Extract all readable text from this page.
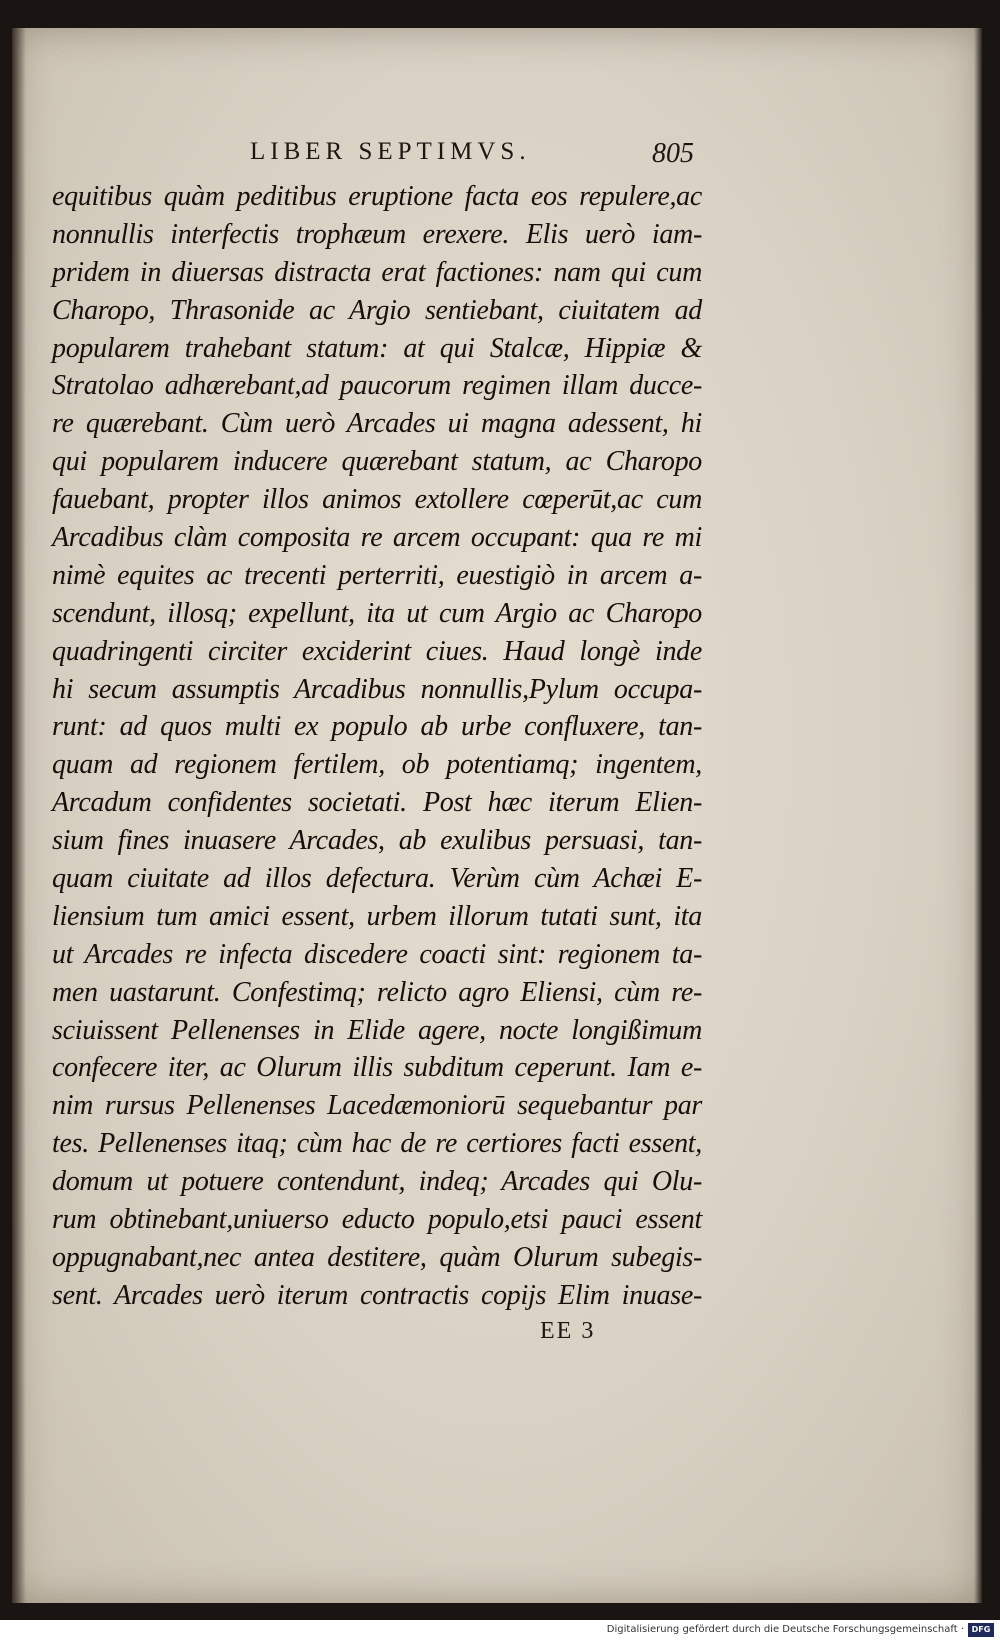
LIBER SEPTIMVS.	805
equitibus quàm peditibus eruptione facta eos repulere,ac
nonnullis interfectis trophæum erexere. Elis uerò iam-
pridem in diuersas distracta erat factiones: nam qui cum
Charopo, Thrasonide ac Argio sentiebant, ciuitatem ad
popularem trahebant statum: at qui Stalcæ, Hippiæ &
Stratolao adhærebant,ad paucorum regimen illam ducce-
re quærebant. Cùm uerò Arcades ui magna adessent, hi
qui popularem inducere quærebant statum, ac Charopo
fauebant, propter illos animos extollere cœperūt,ac cum
Arcadibus clàm composita re arcem occupant: qua re mi
nimè equites ac trecenti perterriti, euestigiò in arcem a-
scendunt, illosq; expellunt, ita ut cum Argio ac Charopo
quadringenti circiter exciderint ciues. Haud longè inde
hi secum assumptis Arcadibus nonnullis,Pylum occupa-
runt: ad quos multi ex populo ab urbe confluxere, tan-
quam ad regionem fertilem, ob potentiamq; ingentem,
Arcadum confidentes societati. Post hæc iterum Elien-
sium fines inuasere Arcades, ab exulibus persuasi, tan-
quam ciuitate ad illos defectura. Verùm cùm Achæi E-
liensium tum amici essent, urbem illorum tutati sunt, ita
ut Arcades re infecta discedere coacti sint: regionem ta-
men uastarunt. Confestimq; relicto agro Eliensi, cùm re-
sciuissent Pellenenses in Elide agere, nocte longißimum
confecere iter, ac Olurum illis subditum ceperunt. Iam e-
nim rursus Pellenenses Lacedæmoniorū sequebantur par
tes. Pellenenses itaq; cùm hac de re certiores facti essent,
domum ut potuere contendunt, indeq; Arcades qui Olu-
rum obtinebant,uniuerso educto populo,etsi pauci essent
oppugnabant,nec antea destitere, quàm Olurum subegis-
sent. Arcades uerò iterum contractis copijs Elim inuase-
EE 3
Digitalisierung gefördert durch die Deutsche Forschungsgemeinschaft · DFG
